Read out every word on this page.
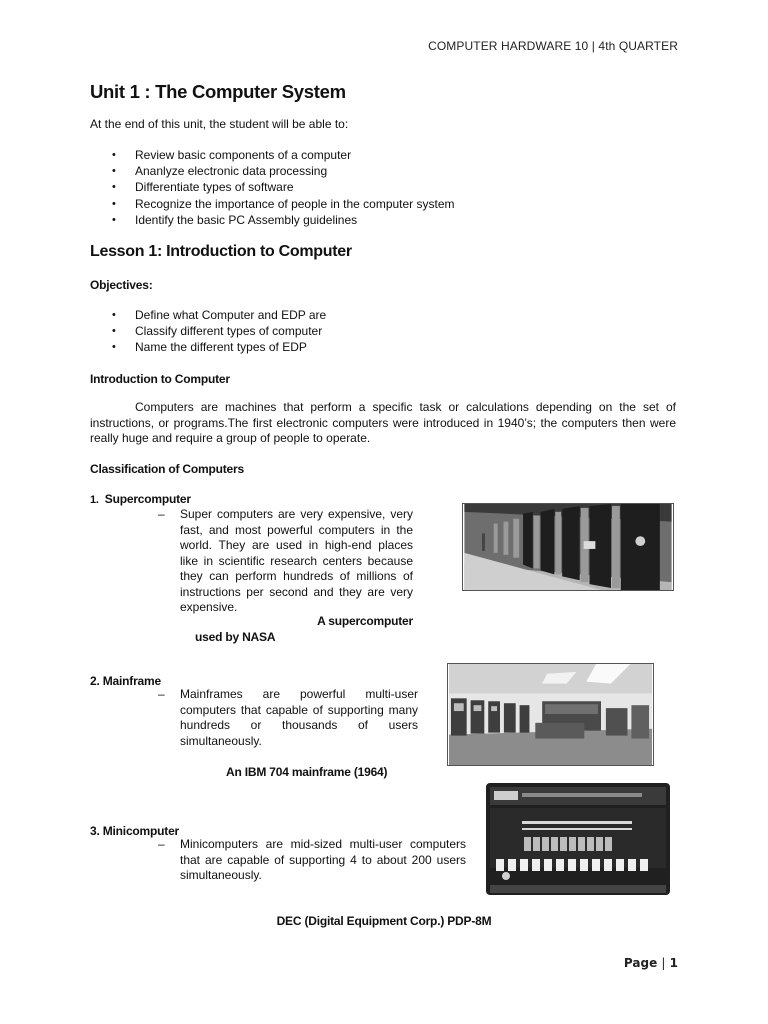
COMPUTER HARDWARE 10 | 4th QUARTER
Unit 1 : The Computer System
At the end of this unit, the student will be able to:
• Review basic components of a computer
• Ananlyze electronic data processing
• Differentiate types of software
• Recognize the importance of people in the computer system
• Identify the basic PC Assembly guidelines
Lesson 1: Introduction to Computer
Objectives:
• Define what Computer and EDP are
• Classify different types of computer
• Name the different types of EDP
Introduction to Computer
Computers are machines that perform a specific task or calculations depending on the set of instructions, or programs.The first electronic computers were introduced in 1940’s; the computers then were really huge and require a group of people to operate.
Classification of Computers
1. Supercomputer
– Super computers are very expensive, very fast, and most powerful computers in the world. They are used in high-end places like in scientific research centers because they can perform hundreds of millions of instructions per second and they are very expensive.
A supercomputer
used by NASA
2. Mainframe
– Mainframes are powerful multi-user computers that capable of supporting many hundreds or thousands of users simultaneously.
An IBM 704 mainframe (1964)
3. Minicomputer
– Minicomputers are mid-sized multi-user computers that are capable of supporting 4 to about 200 users simultaneously.
DEC (Digital Equipment Corp.) PDP-8M
Page | 1
